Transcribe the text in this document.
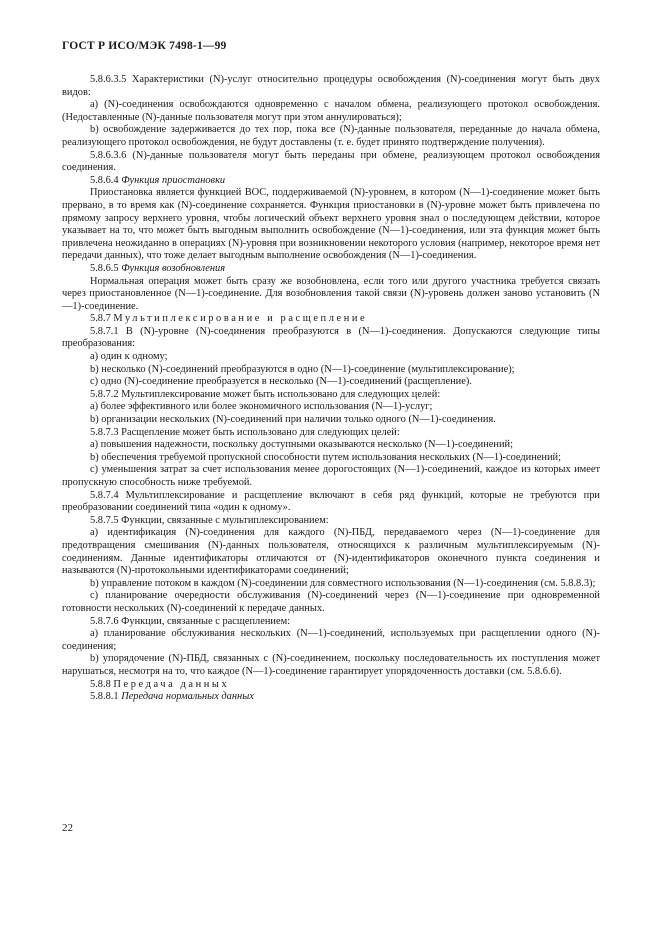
ГОСТ Р ИСО/МЭК 7498-1—99

5.8.6.3.5 Характеристики (N)-услуг относительно процедуры освобождения (N)-соединения могут быть двух видов:

a) (N)-соединения освобождаются одновременно с началом обмена, реализующего протокол освобождения. (Недоставленные (N)-данные пользователя могут при этом аннулироваться);

b) освобождение задерживается до тех пор, пока все (N)-данные пользователя, переданные до начала обмена, реализующего протокол освобождения, не будут доставлены (т. е. будет принято подтверждение получения).

5.8.6.3.6 (N)-данные пользователя могут быть переданы при обмене, реализующем протокол освобождения соединения.

5.8.6.4 Функция приостановки

Приостановка является функцией ВОС, поддерживаемой (N)-уровнем, в котором (N—1)-соединение может быть прервано, в то время как (N)-соединение сохраняется. Функция приостановки в (N)-уровне может быть привлечена по прямому запросу верхнего уровня, чтобы логический объект верхнего уровня знал о последующем действии, которое указывает на то, что может быть выгодным выполнить освобождение (N—1)-соединения, или эта функция может быть привлечена неожиданно в операциях (N)-уровня при возникновении некоторого условия (например, некоторое время нет передачи данных), что тоже делает выгодным выполнение освобождения (N—1)-соединения.

5.8.6.5 Функция возобновления

Нормальная операция может быть сразу же возобновлена, если того или другого участника требуется связать через приостановленное (N—1)-соединение. Для возобновления такой связи (N)-уровень должен заново установить (N—1)-соединение.

5.8.7 Мультиплексирование и расщепление

5.8.7.1 В (N)-уровне (N)-соединения преобразуются в (N—1)-соединения. Допускаются следующие типы преобразования:

a) один к одному;

b) несколько (N)-соединений преобразуются в одно (N—1)-соединение (мультиплексирование);

c) одно (N)-соединение преобразуется в несколько (N—1)-соединений (расщепление).

5.8.7.2 Мультиплексирование может быть использовано для следующих целей:

a) более эффективного или более экономичного использования (N—1)-услуг;

b) организации нескольких (N)-соединений при наличии только одного (N—1)-соединения.

5.8.7.3 Расщепление может быть использовано для следующих целей:

a) повышения надежности, поскольку доступными оказываются несколько (N—1)-соединений;

b) обеспечения требуемой пропускной способности путем использования нескольких (N—1)-соединений;

c) уменьшения затрат за счет использования менее дорогостоящих (N—1)-соединений, каждое из которых имеет пропускную способность ниже требуемой.

5.8.7.4 Мультиплексирование и расщепление включают в себя ряд функций, которые не требуются при преобразовании соединений типа «один к одному».

5.8.7.5 Функции, связанные с мультиплексированием:

a) идентификация (N)-соединения для каждого (N)-ПБД, передаваемого через (N—1)-соединение для предотвращения смешивания (N)-данных пользователя, относящихся к различным мультиплексируемым (N)-соединениям. Данные идентификаторы отличаются от (N)-идентификаторов оконечного пункта соединения и называются (N)-протокольными идентификаторами соединений;

b) управление потоком в каждом (N)-соединении для совместного использования (N—1)-соединения (см. 5.8.8.3);

c) планирование очередности обслуживания (N)-соединений через (N—1)-соединение при одновременной готовности нескольких (N)-соединений к передаче данных.

5.8.7.6 Функции, связанные с расщеплением:

a) планирование обслуживания нескольких (N—1)-соединений, используемых при расщеплении одного (N)-соединения;

b) упорядочение (N)-ПБД, связанных с (N)-соединением, поскольку последовательность их поступления может нарушаться, несмотря на то, что каждое (N—1)-соединение гарантирует упорядоченность доставки (см. 5.8.6.6).

5.8.8 Передача данных

5.8.8.1 Передача нормальных данных

22
